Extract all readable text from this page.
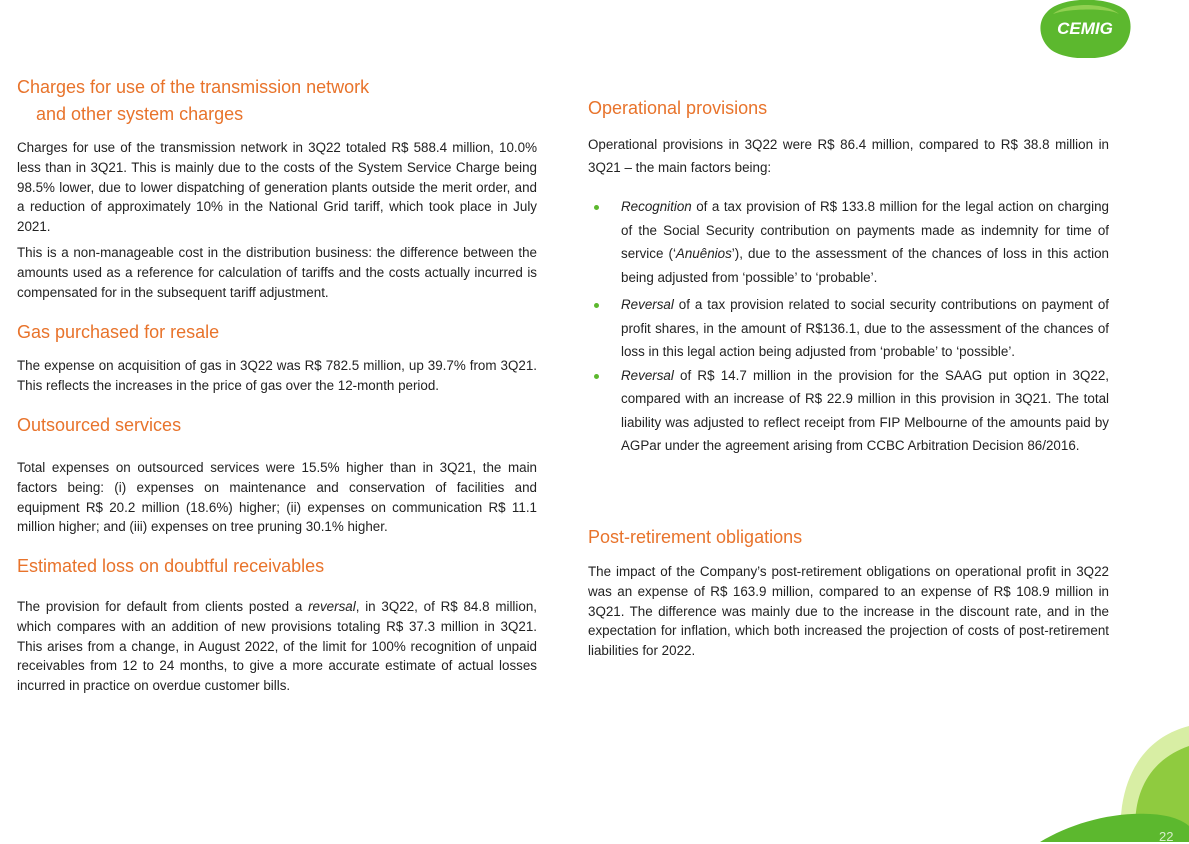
CEMIG
Charges for use of the transmission network
and other system charges

Charges for use of the transmission network in 3Q22 totaled R$ 588.4 million, 10.0% less than in 3Q21. This is mainly due to the costs of the System Service Charge being 98.5% lower, due to lower dispatching of generation plants outside the merit order, and a reduction of approximately 10% in the National Grid tariff, which took place in July 2021.

This is a non-manageable cost in the distribution business: the difference between the amounts used as a reference for calculation of tariffs and the costs actually incurred is compensated for in the subsequent tariff adjustment.

Gas purchased for resale

The expense on acquisition of gas in 3Q22 was R$ 782.5 million, up 39.7% from 3Q21. This reflects the increases in the price of gas over the 12-month period.

Outsourced services

Total expenses on outsourced services were 15.5% higher than in 3Q21, the main factors being: (i) expenses on maintenance and conservation of facilities and equipment R$ 20.2 million (18.6%) higher; (ii) expenses on communication R$ 11.1 million higher; and (iii) expenses on tree pruning 30.1% higher.

Estimated loss on doubtful receivables

The provision for default from clients posted a reversal, in 3Q22, of R$ 84.8 million, which compares with an addition of new provisions totaling R$ 37.3 million in 3Q21. This arises from a change, in August 2022, of the limit for 100% recognition of unpaid receivables from 12 to 24 months, to give a more accurate estimate of actual losses incurred in practice on overdue customer bills.

Operational provisions

Operational provisions in 3Q22 were R$ 86.4 million, compared to R$ 38.8 million in 3Q21 – the main factors being:

Recognition of a tax provision of R$ 133.8 million for the legal action on charging of the Social Security contribution on payments made as indemnity for time of service (‘Anuênios’), due to the assessment of the chances of loss in this action being adjusted from ‘possible’ to ‘probable’.
Reversal of a tax provision related to social security contributions on payment of profit shares, in the amount of R$136.1, due to the assessment of the chances of loss in this legal action being adjusted from ‘probable’ to ‘possible’.
Reversal of R$ 14.7 million in the provision for the SAAG put option in 3Q22, compared with an increase of R$ 22.9 million in this provision in 3Q21. The total liability was adjusted to reflect receipt from FIP Melbourne of the amounts paid by AGPar under the agreement arising from CCBC Arbitration Decision 86/2016.
Post-retirement obligations

The impact of the Company’s post-retirement obligations on operational profit in 3Q22 was an expense of R$ 163.9 million, compared to an expense of R$ 108.9 million in 3Q21. The difference was mainly due to the increase in the discount rate, and in the expectation for inflation, which both increased the projection of costs of post-retirement liabilities for 2022.

22
